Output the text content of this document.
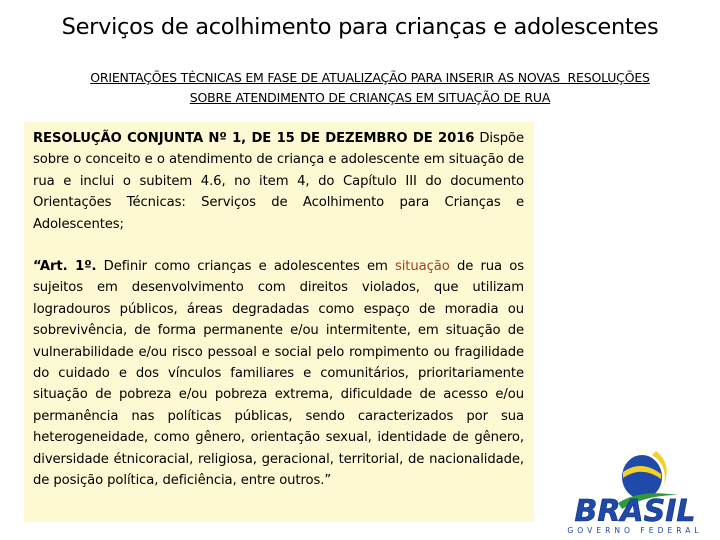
Serviços de acolhimento para crianças e adolescentes
ORIENTAÇÕES TÉCNICAS EM FASE DE ATUALIZAÇÃO PARA INSERIR AS NOVAS  RESOLUÇÕES
SOBRE ATENDIMENTO DE CRIANÇAS EM SITUAÇÃO DE RUA

RESOLUÇÃO CONJUNTA Nº 1, DE 15 DE DEZEMBRO DE 2016 Dispõe sobre o conceito e o atendimento de criança e adolescente em situação de rua e inclui o subitem 4.6, no item 4, do Capítulo III do documento Orientações Técnicas: Serviços de Acolhimento para Crianças e Adolescentes;

“Art. 1º. Definir como crianças e adolescentes em situação de rua os sujeitos em desenvolvimento com direitos violados, que utilizam logradouros públicos, áreas degradadas como espaço de moradia ou sobrevivência, de forma permanente e/ou intermitente, em situação de vulnerabilidade e/ou risco pessoal e social pelo rompimento ou fragilidade do cuidado e dos vínculos familiares e comunitários, prioritariamente situação de pobreza e/ou pobreza extrema, dificuldade de acesso e/ou permanência nas políticas públicas, sendo caracterizados por sua heterogeneidade, como gênero, orientação sexual, identidade de gênero, diversidade étnicoracial, religiosa, geracional, territorial, de nacionalidade, de posição política, deficiência, entre outros.”

BRASIL
GOVERNO FEDERAL
